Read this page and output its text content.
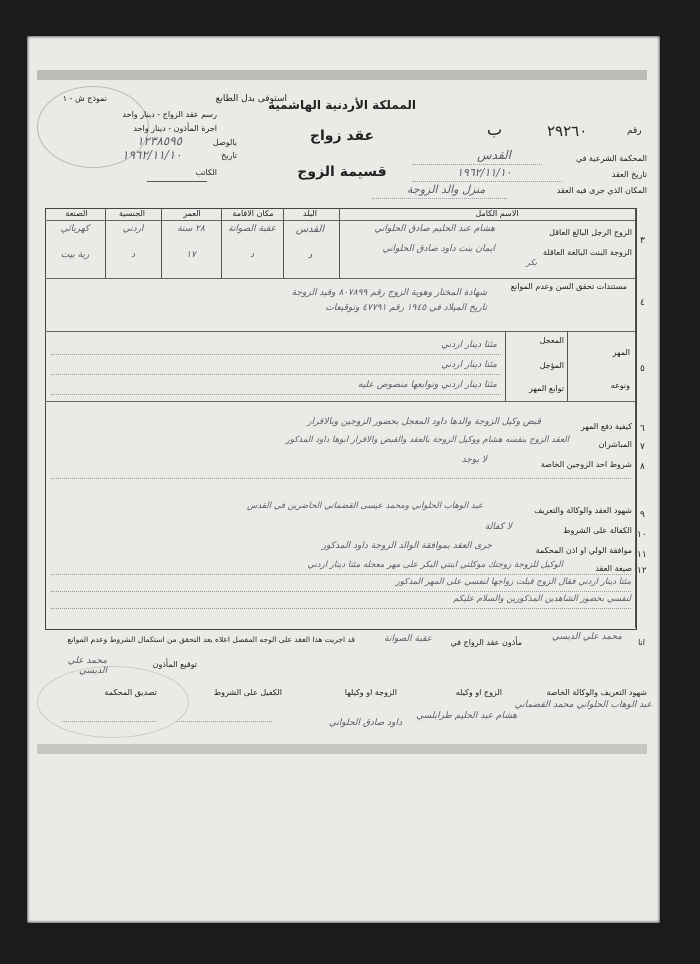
استوفى بدل الطابع
نموذج ش - ١
رسم عقد الزواج - دينار واحد
اجرة المأذون - دينار واحد
بالوصل
١٢٣٨٥٩٥
تاريخ
١٩٦٢/١١/١٠
الكاتب
المملكة الأردنية الهاشمية
عقد زواج
قسيمة الزوج
رقم
٢٩٢٦٠
ب
المحكمة الشرعية في
القدس
تاريخ العقد
١٩٦٢/١١/١٠
المكان الذي جرى فيه العقد
منزل والد الزوجة
الاسم الكامل
البلد
مكان الاقامة
العمر
الجنسية
الصنعة
الزوج الرجل البالغ العاقل
هشام عبد الحليم صادق الحلواني
القدس
عقبة الصوانة
٢٨ سنة
اردني
كهربائي
٣
الزوجة البنت البالغة العاقلة
بكر
ايمان بنت داود صادق الحلواني
د
د
١٧
د
ربة بيت
مستندات تحقق السن وعدم الموانع
شهادة المختار وهوية الزوج رقم ٨٠٧٨٩٩ وقيد الزوجة
تاريخ الميلاد في ١٩٤٥ رقم ٤٧٧٩١ وتوقيعات	٤
المهر
ونوعه
٥
المعجل
المؤجل
توابع المهر
مئتا دينار اردني
مئتا دينار اردني
مئتا دينار اردني وتوابعها منصوص عليه
كيفية دفع المهر
قبض وكيل الزوجة والدها داود المعجل بحضور الزوجين وبالاقرار
٦
المباشران
العقد الزوج بنفسه هشام ووكيل الزوجة بالعقد والقبض والاقرار ابوها داود المذكور
٧
شروط احد الزوجين الخاصة
لا يوجد
٨
شهود العقد والوكالة والتعريف
عبد الوهاب الحلواني ومحمد عيسى القضماني الحاضرين في القدس
٩
الكفالة على الشروط
لا كفالة
١٠
موافقة الولي او اذن المحكمة
جرى العقد بموافقة الوالد الزوجة داود المذكور
١١
صيغة العقد
الوكيل للزوجة زوجتك موكلتي ابنتي البكر على مهر معجله مئتا دينار اردني
مئتا دينار اردني فقال الزوج قبلت زواجها لنفسي على المهر المذكور
لنفسي بحضور الشاهدين المذكورين والسلام عليكم
١٢
انا
محمد علي الديسي
مأذون عقد الزواج في
عقبة الصوانة
قد اجريت هذا العقد على الوجه المفصل اعلاه بعد التحقق من استكمال الشروط وعدم الموانع
توقيع المأذون
محمد علي الديسي
شهود التعريف والوكالة الخاصة
الزوج او وكيله
الزوجة او وكيلها
الكفيل على الشروط
تصديق المحكمة
عبد الوهاب الحلواني محمد القضماني
هشام عبد الحليم طرابلسي
داود صادق الحلواني
